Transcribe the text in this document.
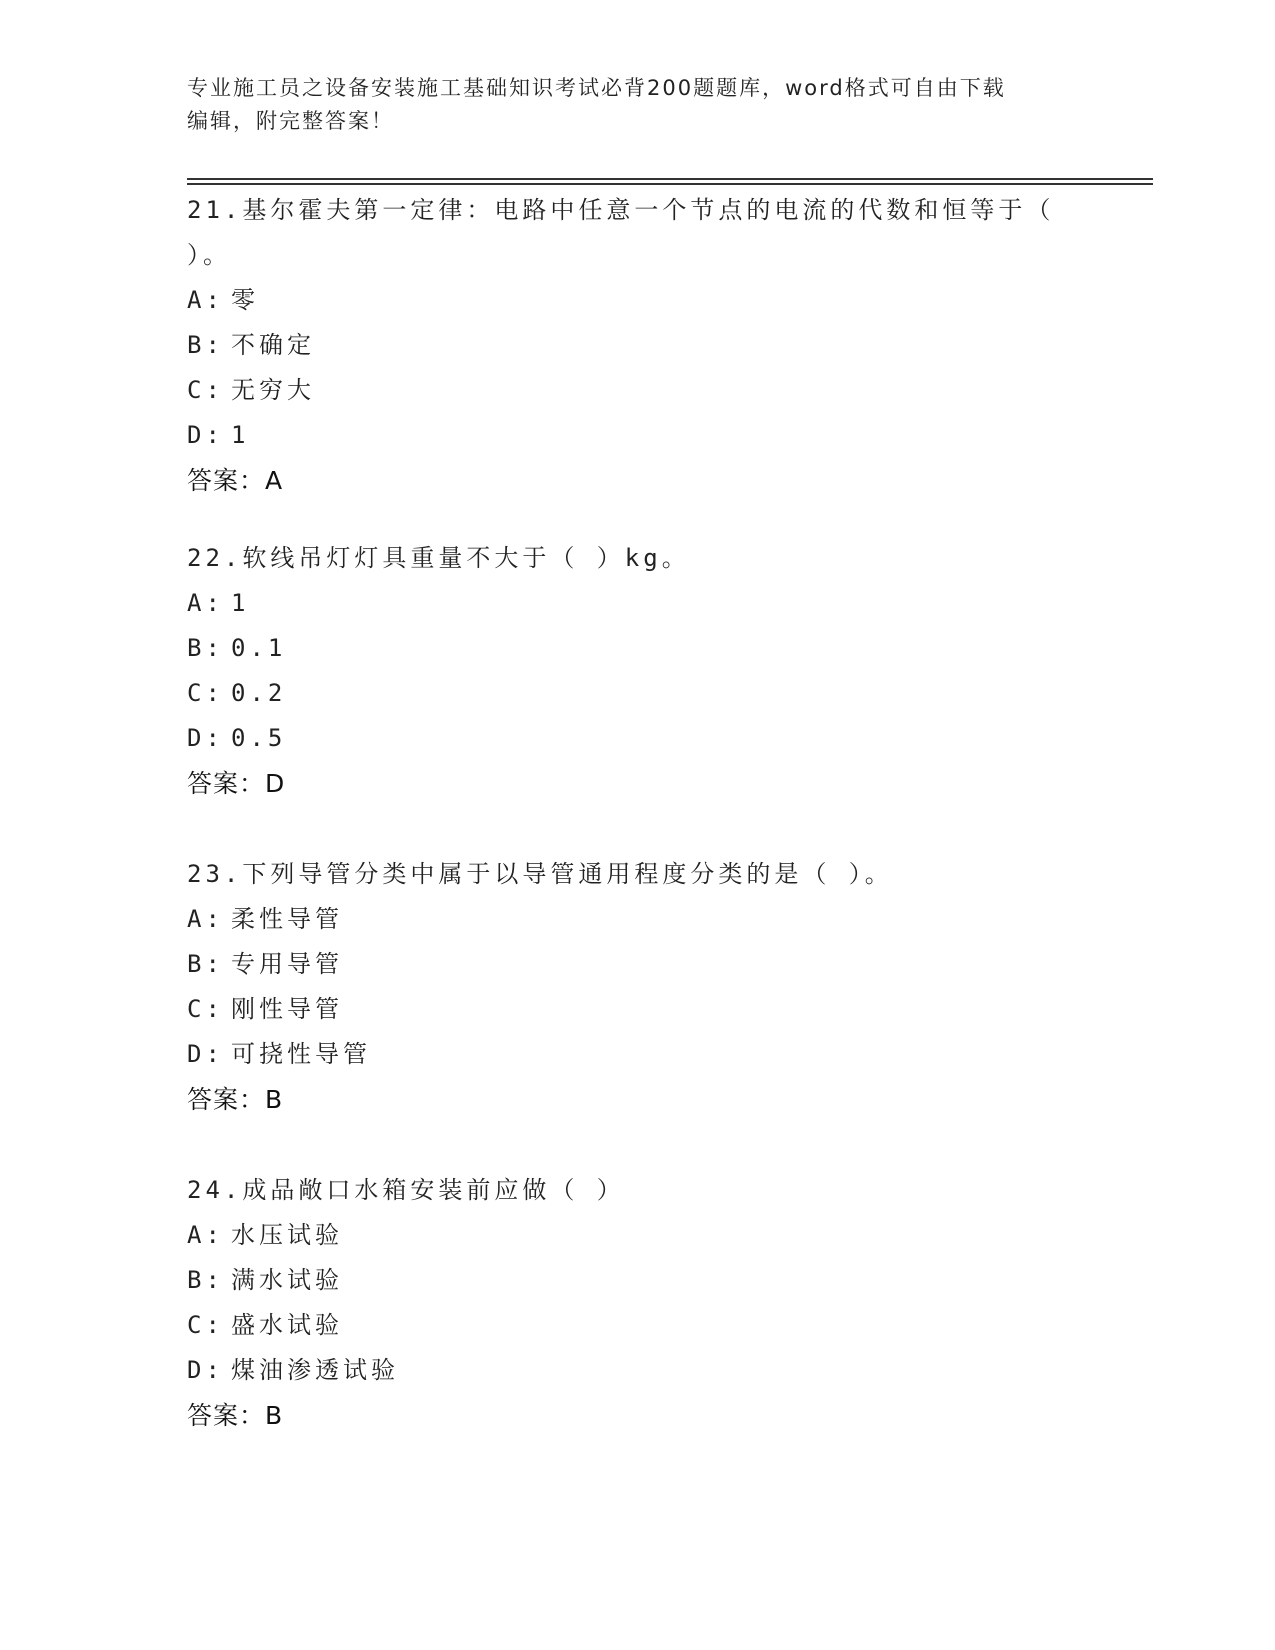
专业施工员之设备安装施工基础知识考试必背200题题库，word格式可自由下载
编辑，附完整答案！
21.基尔霍夫第一定律：电路中任意一个节点的电流的代数和恒等于（ ）。
A: 零
B: 不确定
C: 无穷大
D: 1
答案：A
22.软线吊灯灯具重量不大于（ ）kg。
A: 1
B: 0.1
C: 0.2
D: 0.5
答案：D
23.下列导管分类中属于以导管通用程度分类的是（ ）。
A: 柔性导管
B: 专用导管
C: 刚性导管
D: 可挠性导管
答案：B
24.成品敞口水箱安装前应做（ ）
A: 水压试验
B: 满水试验
C: 盛水试验
D: 煤油渗透试验
答案：B
